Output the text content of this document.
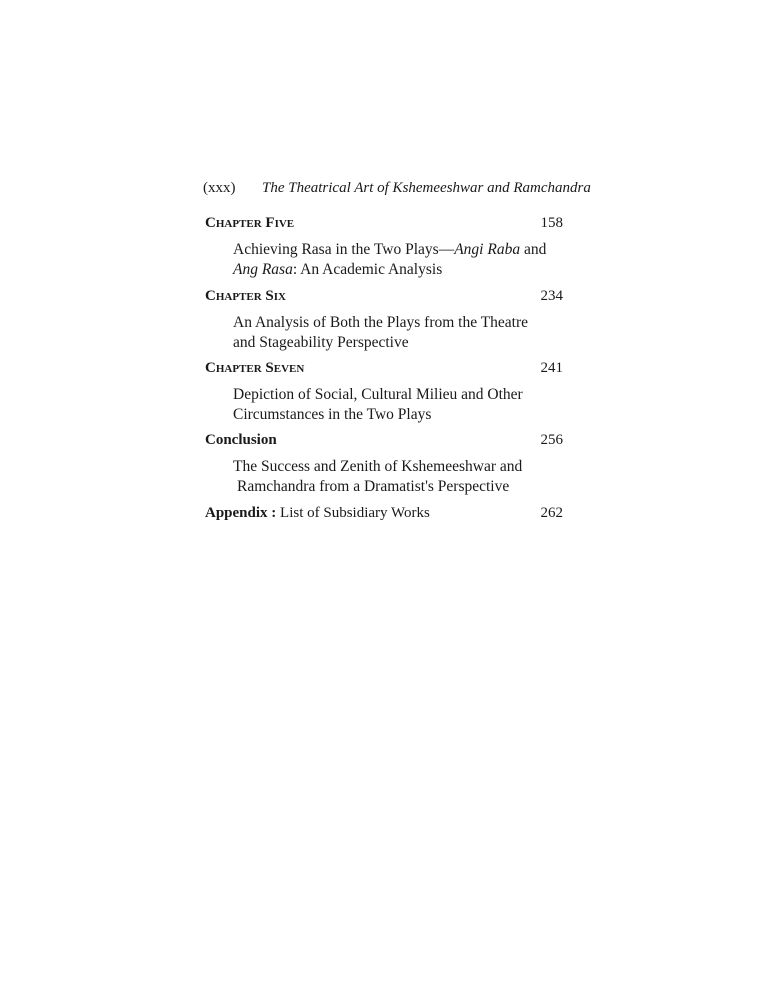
(xxx) The Theatrical Art of Kshemeeshwar and Ramchandra
Chapter Five	158
Achieving Rasa in the Two Plays—Angi Raba and
Ang Rasa: An Academic Analysis
Chapter Six	234
An Analysis of Both the Plays from the Theatre
and Stageability Perspective
Chapter Seven	241
Depiction of Social, Cultural Milieu and Other
Circumstances in the Two Plays
Conclusion	256
The Success and Zenith of Kshemeeshwar and
Ramchandra from a Dramatist's Perspective
Appendix : List of Subsidiary Works	262
